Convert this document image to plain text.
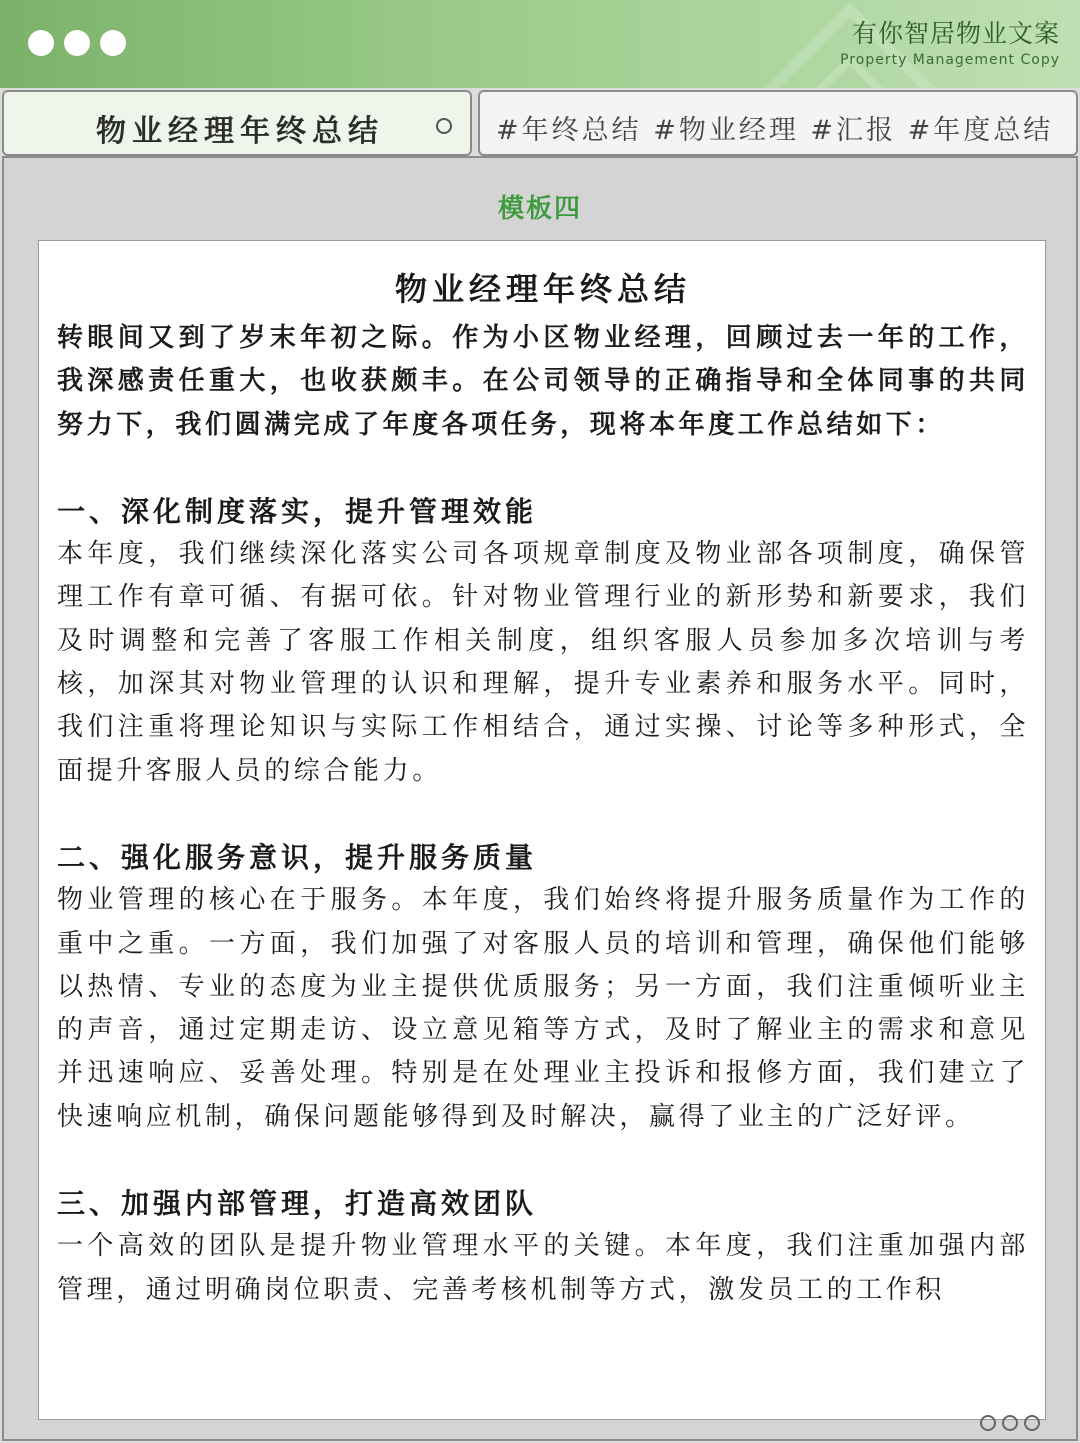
有你智居物业文案
Property Management Copy
物业经理年终总结	#年终总结 #物业经理 #汇报 #年度总结
模板四
物业经理年终总结
转眼间又到了岁末年初之际。作为小区物业经理，回顾过去一年的工作，我深感责任重大，也收获颇丰。在公司领导的正确指导和全体同事的共同努力下，我们圆满完成了年度各项任务，现将本年度工作总结如下：
一、深化制度落实，提升管理效能
本年度，我们继续深化落实公司各项规章制度及物业部各项制度，确保管理工作有章可循、有据可依。针对物业管理行业的新形势和新要求，我们及时调整和完善了客服工作相关制度，组织客服人员参加多次培训与考核，加深其对物业管理的认识和理解，提升专业素养和服务水平。同时，我们注重将理论知识与实际工作相结合，通过实操、讨论等多种形式，全面提升客服人员的综合能力。
二、强化服务意识，提升服务质量
物业管理的核心在于服务。本年度，我们始终将提升服务质量作为工作的重中之重。一方面，我们加强了对客服人员的培训和管理，确保他们能够以热情、专业的态度为业主提供优质服务；另一方面，我们注重倾听业主的声音，通过定期走访、设立意见箱等方式，及时了解业主的需求和意见并迅速响应、妥善处理。特别是在处理业主投诉和报修方面，我们建立了快速响应机制，确保问题能够得到及时解决，赢得了业主的广泛好评。
三、加强内部管理，打造高效团队
一个高效的团队是提升物业管理水平的关键。本年度，我们注重加强内部管理，通过明确岗位职责、完善考核机制等方式，激发员工的工作积
